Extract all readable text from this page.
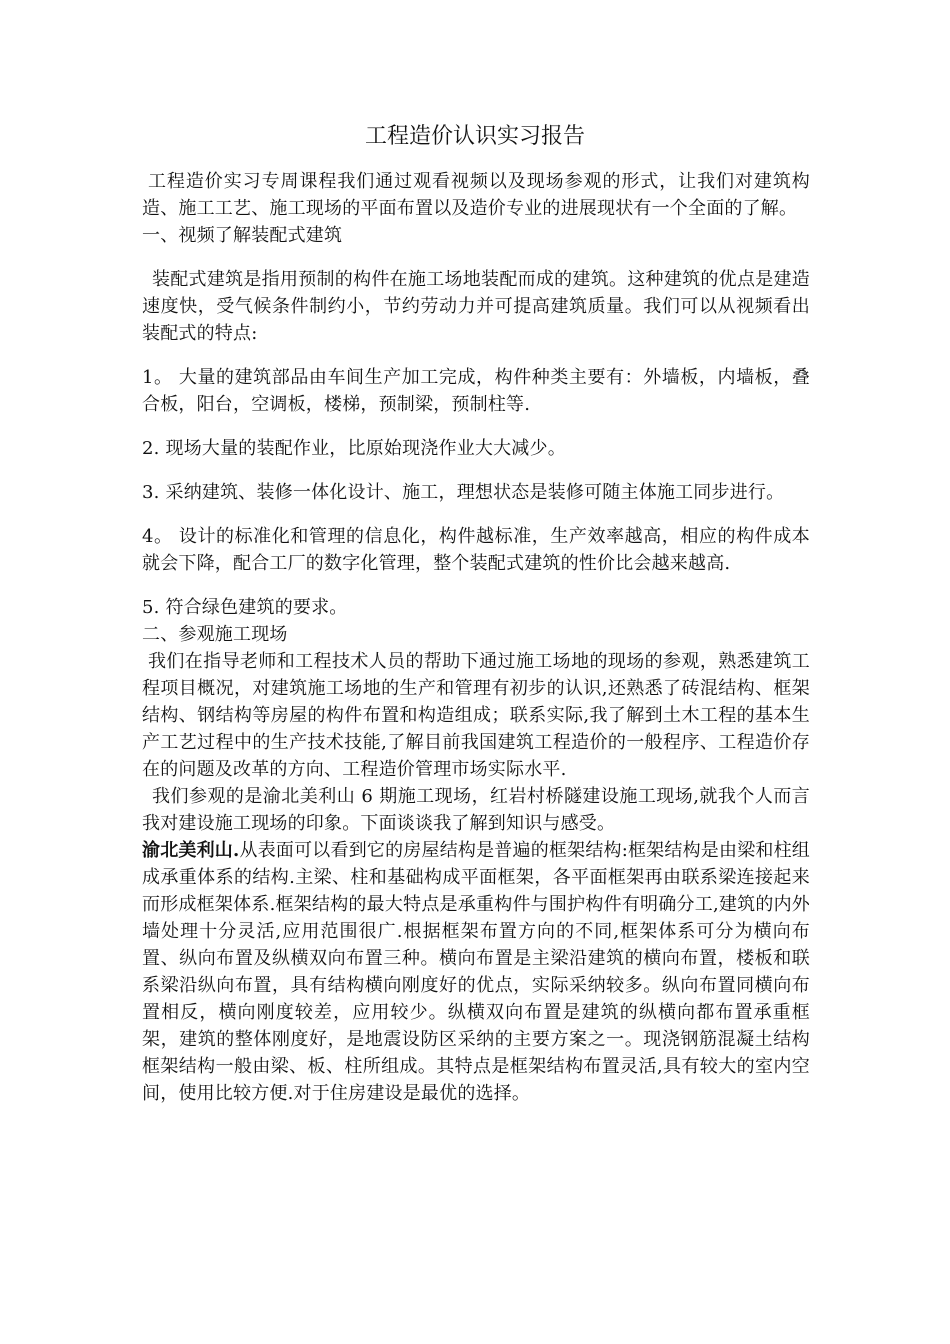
工程造价认识实习报告

工程造价实习专周课程我们通过观看视频以及现场参观的形式，让我们对建筑构造、施工工艺、施工现场的平面布置以及造价专业的进展现状有一个全面的了解。

一、视频了解装配式建筑

装配式建筑是指用预制的构件在施工场地装配而成的建筑。这种建筑的优点是建造速度快，受气候条件制约小，节约劳动力并可提高建筑质量。我们可以从视频看出装配式的特点:

1。 大量的建筑部品由车间生产加工完成，构件种类主要有：外墙板，内墙板，叠合板，阳台，空调板，楼梯，预制梁，预制柱等.

2. 现场大量的装配作业，比原始现浇作业大大减少。

3. 采纳建筑、装修一体化设计、施工，理想状态是装修可随主体施工同步进行。

4。 设计的标准化和管理的信息化，构件越标准，生产效率越高，相应的构件成本就会下降，配合工厂的数字化管理，整个装配式建筑的性价比会越来越高.

5. 符合绿色建筑的要求。

二、参观施工现场

我们在指导老师和工程技术人员的帮助下通过施工场地的现场的参观，熟悉建筑工程项目概况，对建筑施工场地的生产和管理有初步的认识,还熟悉了砖混结构、框架结构、钢结构等房屋的构件布置和构造组成；联系实际,我了解到土木工程的基本生产工艺过程中的生产技术技能,了解目前我国建筑工程造价的一般程序、工程造价存在的问题及改革的方向、工程造价管理市场实际水平.

我们参观的是渝北美利山 6 期施工现场，红岩村桥隧建设施工现场,就我个人而言我对建设施工现场的印象。下面谈谈我了解到知识与感受。

渝北美利山.从表面可以看到它的房屋结构是普遍的框架结构:框架结构是由梁和柱组成承重体系的结构.主梁、柱和基础构成平面框架，各平面框架再由联系梁连接起来而形成框架体系.框架结构的最大特点是承重构件与围护构件有明确分工,建筑的内外墙处理十分灵活,应用范围很广.根据框架布置方向的不同,框架体系可分为横向布置、纵向布置及纵横双向布置三种。横向布置是主梁沿建筑的横向布置，楼板和联系梁沿纵向布置，具有结构横向刚度好的优点，实际采纳较多。纵向布置同横向布置相反，横向刚度较差，应用较少。纵横双向布置是建筑的纵横向都布置承重框架，建筑的整体刚度好，是地震设防区采纳的主要方案之一。现浇钢筋混凝土结构框架结构一般由梁、板、柱所组成。其特点是框架结构布置灵活,具有较大的室内空间，使用比较方便.对于住房建设是最优的选择。
